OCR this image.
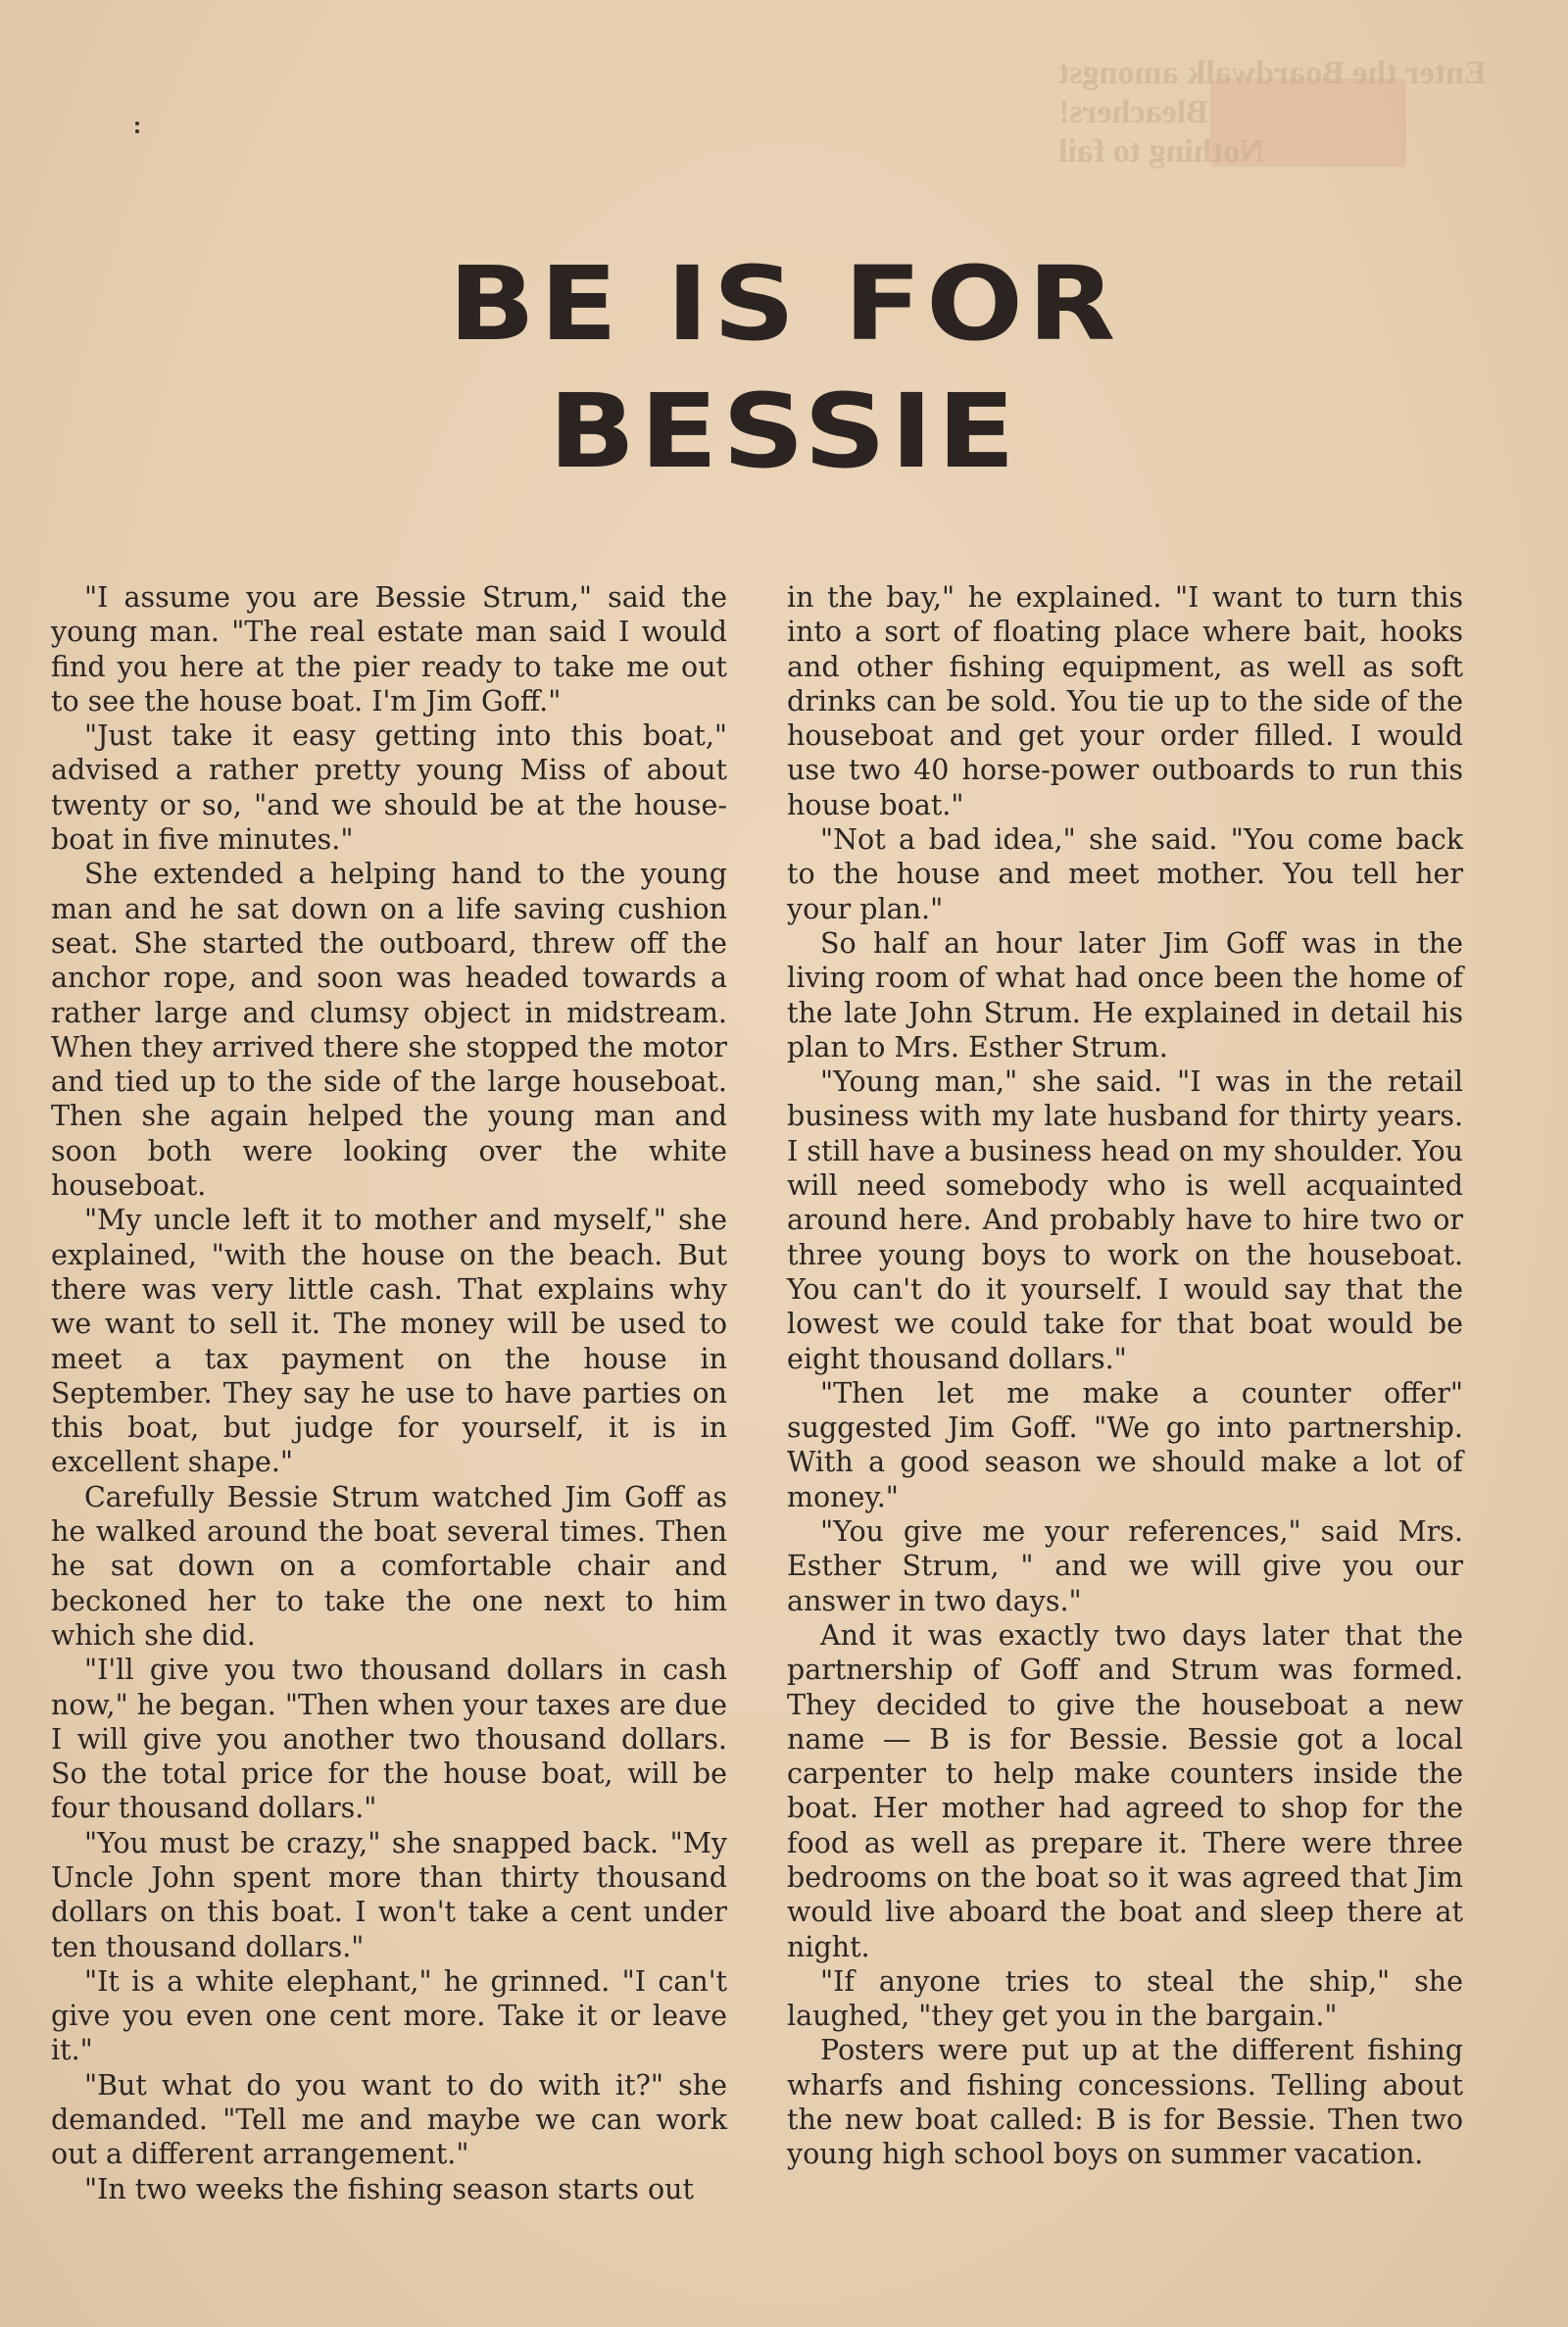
Enter the Boardwalk amongst Bleachers!
Nothing to fail
BE IS FOR
BESSIE

"I assume you are Bessie Strum," said the young man. "The real estate man said I would find you here at the pier ready to take me out to see the house boat. I'm Jim Goff."

"Just take it easy getting into this boat," advised a rather pretty young Miss of about twenty or so, "and we should be at the house-boat in five minutes."

She extended a helping hand to the young man and he sat down on a life saving cushion seat. She started the outboard, threw off the anchor rope, and soon was headed towards a rather large and clumsy object in midstream. When they arrived there she stopped the motor and tied up to the side of the large houseboat. Then she again helped the young man and soon both were looking over the white houseboat.

"My uncle left it to mother and myself," she explained, "with the house on the beach. But there was very little cash. That explains why we want to sell it. The money will be used to meet a tax payment on the house in September. They say he use to have parties on this boat, but judge for yourself, it is in excellent shape."

Carefully Bessie Strum watched Jim Goff as he walked around the boat several times. Then he sat down on a comfortable chair and beckoned her to take the one next to him which she did.

"I'll give you two thousand dollars in cash now," he began. "Then when your taxes are due I will give you another two thousand dollars. So the total price for the house boat, will be four thousand dollars."

"You must be crazy," she snapped back. "My Uncle John spent more than thirty thousand dollars on this boat. I won't take a cent under ten thousand dollars."

"It is a white elephant," he grinned. "I can't give you even one cent more. Take it or leave it."

"But what do you want to do with it?" she demanded. "Tell me and maybe we can work out a different arrangement."

"In two weeks the fishing season starts out

in the bay," he explained. "I want to turn this into a sort of floating place where bait, hooks and other fishing equipment, as well as soft drinks can be sold. You tie up to the side of the houseboat and get your order filled. I would use two 40 horse-power outboards to run this house boat."

"Not a bad idea," she said. "You come back to the house and meet mother. You tell her your plan."

So half an hour later Jim Goff was in the living room of what had once been the home of the late John Strum. He explained in detail his plan to Mrs. Esther Strum.

"Young man," she said. "I was in the retail business with my late husband for thirty years. I still have a business head on my shoulder. You will need somebody who is well acquainted around here. And probably have to hire two or three young boys to work on the houseboat. You can't do it yourself. I would say that the lowest we could take for that boat would be eight thousand dollars."

"Then let me make a counter offer" suggested Jim Goff. "We go into partnership. With a good season we should make a lot of money."

"You give me your references," said Mrs. Esther Strum, " and we will give you our answer in two days."

And it was exactly two days later that the partnership of Goff and Strum was formed. They decided to give the houseboat a new name — B is for Bessie. Bessie got a local carpenter to help make counters inside the boat. Her mother had agreed to shop for the food as well as prepare it. There were three bedrooms on the boat so it was agreed that Jim would live aboard the boat and sleep there at night.

"If anyone tries to steal the ship," she laughed, "they get you in the bargain."

Posters were put up at the different fishing wharfs and fishing concessions. Telling about the new boat called: B is for Bessie. Then two young high school boys on summer vacation.
